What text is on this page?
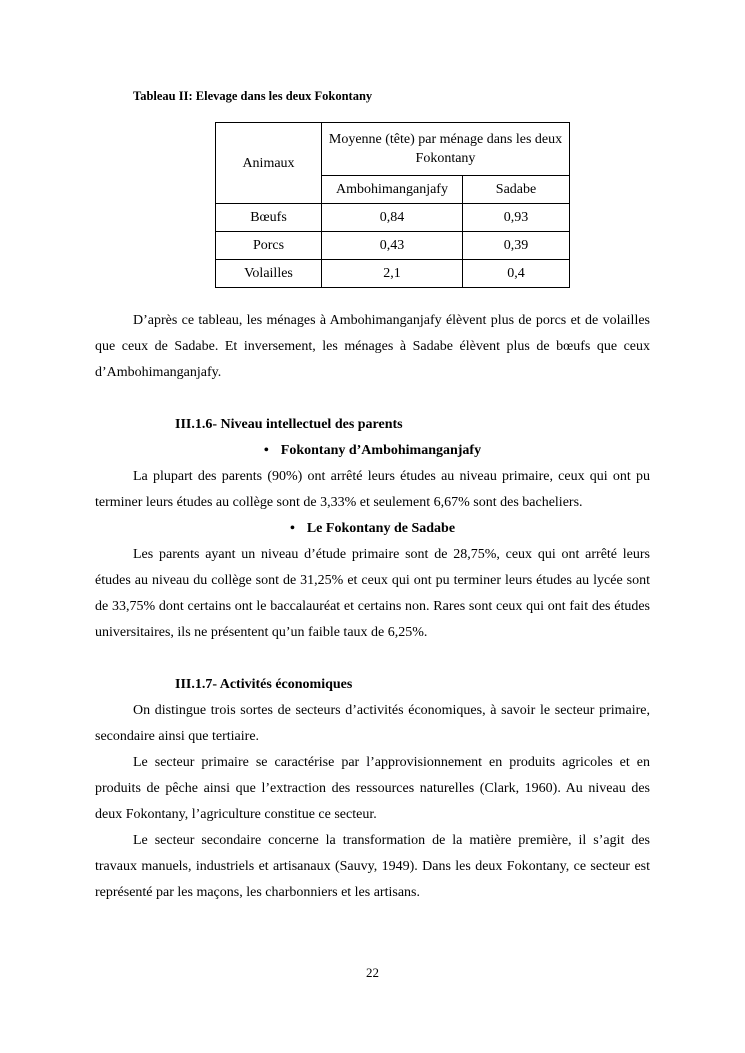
Tableau II: Elevage dans les deux Fokontany

Animaux	Moyenne (tête) par ménage dans les deux Fokontany	
	Ambohimanganjafy	Sadabe
Bœufs	0,84	0,93
Porcs	0,43	0,39
Volailles	2,1	0,4

D’après ce tableau, les ménages à Ambohimanganjafy élèvent plus de porcs et de volailles que ceux de Sadabe. Et inversement, les ménages à Sadabe élèvent plus de bœufs que ceux d’Ambohimanganjafy.

III.1.6- Niveau intellectuel des parents

• Fokontany d’Ambohimanganjafy

La plupart des parents (90%) ont arrêté leurs études au niveau primaire, ceux qui ont pu terminer leurs études au collège sont de 3,33% et seulement 6,67% sont des bacheliers.

• Le Fokontany de Sadabe

Les parents ayant un niveau d’étude primaire sont de 28,75%, ceux qui ont arrêté leurs études au niveau du collège sont de 31,25% et ceux qui ont pu terminer leurs études au lycée sont de 33,75% dont certains ont le baccalauréat et certains non. Rares sont ceux qui ont fait des études universitaires, ils ne présentent qu’un faible taux de 6,25%.

III.1.7- Activités économiques

On distingue trois sortes de secteurs d’activités économiques, à savoir le secteur primaire, secondaire ainsi que tertiaire.

Le secteur primaire se caractérise par l’approvisionnement en produits agricoles et en produits de pêche ainsi que l’extraction des ressources naturelles (Clark, 1960). Au niveau des deux Fokontany, l’agriculture constitue ce secteur.

Le secteur secondaire concerne la transformation de la matière première, il s’agit des travaux manuels, industriels et artisanaux (Sauvy, 1949). Dans les deux Fokontany, ce secteur est représenté par les maçons, les charbonniers et les artisans.

22
